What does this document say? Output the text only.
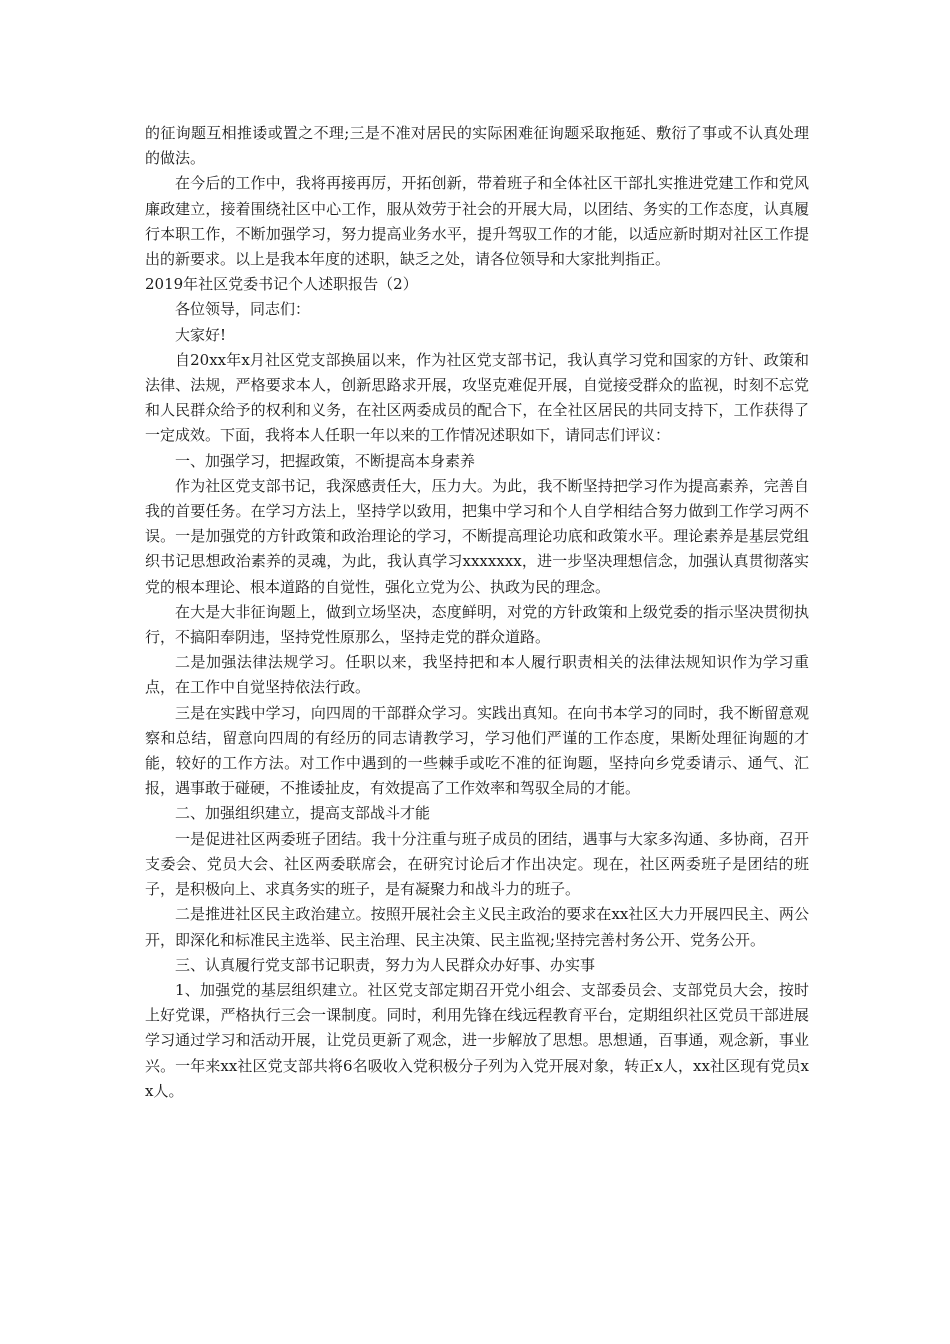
的征询题互相推诿或置之不理;三是不准对居民的实际困难征询题采取拖延、敷衍了事或不认真处理的做法。

在今后的工作中，我将再接再厉，开拓创新，带着班子和全体社区干部扎实推进党建工作和党风廉政建立，接着围绕社区中心工作，服从效劳于社会的开展大局，以团结、务实的工作态度，认真履行本职工作，不断加强学习，努力提高业务水平，提升驾驭工作的才能，以适应新时期对社区工作提出的新要求。以上是我本年度的述职，缺乏之处，请各位领导和大家批判指正。

2019年社区党委书记个人述职报告（2）

各位领导，同志们：

大家好!

自20xx年x月社区党支部换届以来，作为社区党支部书记，我认真学习党和国家的方针、政策和法律、法规，严格要求本人，创新思路求开展，攻坚克难促开展，自觉接受群众的监视，时刻不忘党和人民群众给予的权利和义务，在社区两委成员的配合下，在全社区居民的共同支持下，工作获得了一定成效。下面，我将本人任职一年以来的工作情况述职如下，请同志们评议：

一、加强学习，把握政策，不断提高本身素养

作为社区党支部书记，我深感责任大，压力大。为此，我不断坚持把学习作为提高素养，完善自我的首要任务。在学习方法上，坚持学以致用，把集中学习和个人自学相结合努力做到工作学习两不误。一是加强党的方针政策和政治理论的学习，不断提高理论功底和政策水平。理论素养是基层党组织书记思想政治素养的灵魂，为此，我认真学习xxxxxxx，进一步坚决理想信念，加强认真贯彻落实党的根本理论、根本道路的自觉性，强化立党为公、执政为民的理念。

在大是大非征询题上，做到立场坚决，态度鲜明，对党的方针政策和上级党委的指示坚决贯彻执行，不搞阳奉阴违，坚持党性原那么，坚持走党的群众道路。

二是加强法律法规学习。任职以来，我坚持把和本人履行职责相关的法律法规知识作为学习重点，在工作中自觉坚持依法行政。

三是在实践中学习，向四周的干部群众学习。实践出真知。在向书本学习的同时，我不断留意观察和总结，留意向四周的有经历的同志请教学习，学习他们严谨的工作态度，果断处理征询题的才能，较好的工作方法。对工作中遇到的一些棘手或吃不准的征询题，坚持向乡党委请示、通气、汇报，遇事敢于碰硬，不推诿扯皮，有效提高了工作效率和驾驭全局的才能。

二、加强组织建立，提高支部战斗才能

一是促进社区两委班子团结。我十分注重与班子成员的团结，遇事与大家多沟通、多协商，召开支委会、党员大会、社区两委联席会，在研究讨论后才作出决定。现在，社区两委班子是团结的班子，是积极向上、求真务实的班子，是有凝聚力和战斗力的班子。

二是推进社区民主政治建立。按照开展社会主义民主政治的要求在xx社区大力开展四民主、两公开，即深化和标准民主选举、民主治理、民主决策、民主监视;坚持完善村务公开、党务公开。

三、认真履行党支部书记职责，努力为人民群众办好事、办实事

1、加强党的基层组织建立。社区党支部定期召开党小组会、支部委员会、支部党员大会，按时上好党课，严格执行三会一课制度。同时，利用先锋在线远程教育平台，定期组织社区党员干部进展学习通过学习和活动开展，让党员更新了观念，进一步解放了思想。思想通，百事通，观念新，事业兴。一年来xx社区党支部共将6名吸收入党积极分子列为入党开展对象，转正x人，xx社区现有党员xx人。
